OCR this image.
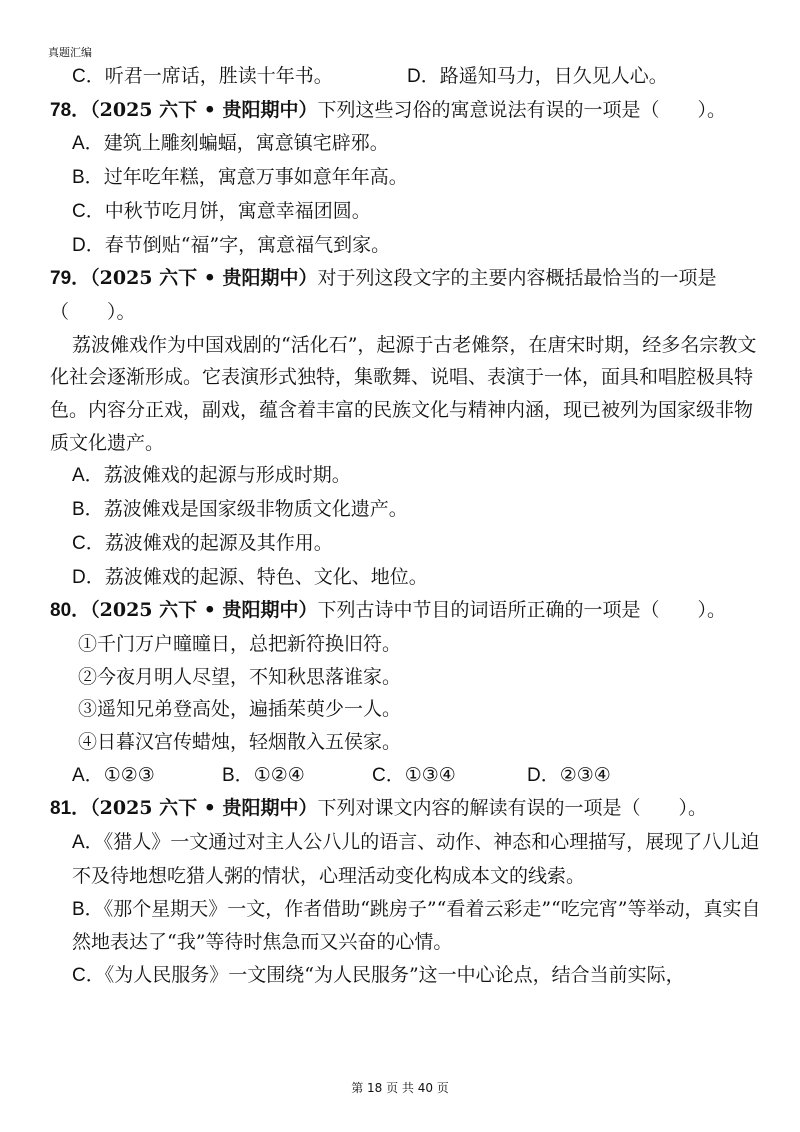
真题汇编
C．听君一席话，胜读十年书。	D．路遥知马力，日久见人心。
78．（2025 六下 • 贵阳期中）下列这些习俗的寓意说法有误的一项是（　　）。
A．建筑上雕刻蝙蝠，寓意镇宅辟邪。
B．过年吃年糕，寓意万事如意年年高。
C．中秋节吃月饼，寓意幸福团圆。
D．春节倒贴“福”字，寓意福气到家。
79．（2025 六下 • 贵阳期中）对于列这段文字的主要内容概括最恰当的一项是（　　）。
荔波傩戏作为中国戏剧的“活化石”，起源于古老傩祭，在唐宋时期，经多名宗教文化社会逐渐形成。它表演形式独特，集歌舞、说唱、表演于一体，面具和唱腔极具特色。内容分正戏，副戏，蕴含着丰富的民族文化与精神内涵，现已被列为国家级非物质文化遗产。
A．荔波傩戏的起源与形成时期。
B．荔波傩戏是国家级非物质文化遗产。
C．荔波傩戏的起源及其作用。
D．荔波傩戏的起源、特色、文化、地位。
80．（2025 六下 • 贵阳期中）下列古诗中节目的词语所正确的一项是（　　）。
①千门万户曈曈日，总把新符换旧符。
②今夜月明人尽望，不知秋思落谁家。
③遥知兄弟登高处，遍插茱萸少一人。
④日暮汉宫传蜡烛，轻烟散入五侯家。
A．①②③	B．①②④	C．①③④	D．②③④
81．（2025 六下 • 贵阳期中）下列对课文内容的解读有误的一项是（　　）。
A．《猎人》一文通过对主人公八儿的语言、动作、神态和心理描写，展现了八儿迫不及待地想吃猎人粥的情状，心理活动变化构成本文的线索。
B．《那个星期天》一文，作者借助“跳房子”“看着云彩走”“吃完宵”等举动，真实自然地表达了“我”等待时焦急而又兴奋的心情。
C．《为人民服务》一文围绕“为人民服务”这一中心论点，结合当前实际，
第 18 页 共 40 页
